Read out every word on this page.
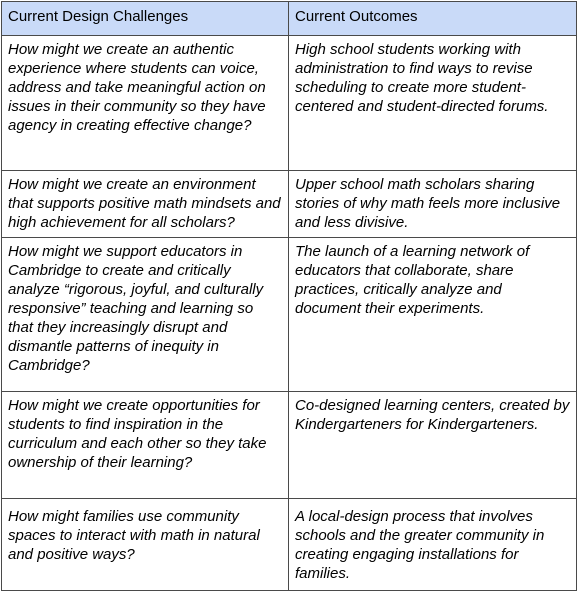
Current Design Challenges	Current Outcomes
How might we create an authentic experience where students can voice, address and take meaningful action on issues in their community so they have agency in creating effective change?	High school students working with administration to find ways to revise scheduling to create more student-centered and student-directed forums.
How might we create an environment that supports positive math mindsets and high achievement for all scholars?	Upper school math scholars sharing stories of why math feels more inclusive and less divisive.
How might we support educators in Cambridge to create and critically analyze “rigorous, joyful, and culturally responsive” teaching and learning so that they increasingly disrupt and dismantle patterns of inequity in Cambridge?	The launch of a learning network of educators that collaborate, share practices, critically analyze and document their experiments.
How might we create opportunities for students to find inspiration in the curriculum and each other so they take ownership of their learning?	Co-designed learning centers, created by Kindergarteners for Kindergarteners.
How might families use community spaces to interact with math in natural and positive ways?	A local-design process that involves schools and the greater community in creating engaging installations for families.
